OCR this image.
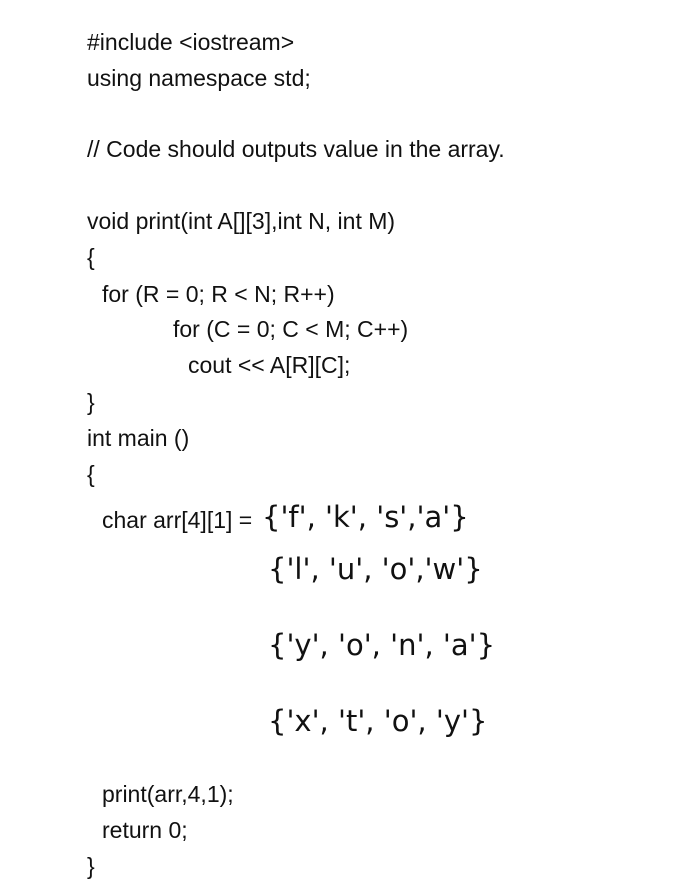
#include <iostream>
using namespace std;
// Code should outputs value in the array.
void print(int A[][3],int N, int M)
{
for (R = 0; R < N; R++)
for (C = 0; C < M; C++)
cout << A[R][C];
}
int main ()
{
char arr[4][1] = {'f', 'k', 's','a'}
{'l', 'u', 'o','w'}
{'y', 'o', 'n', 'a'}
{'x', 't', 'o', 'y'}
print(arr,4,1);
return 0;
}
